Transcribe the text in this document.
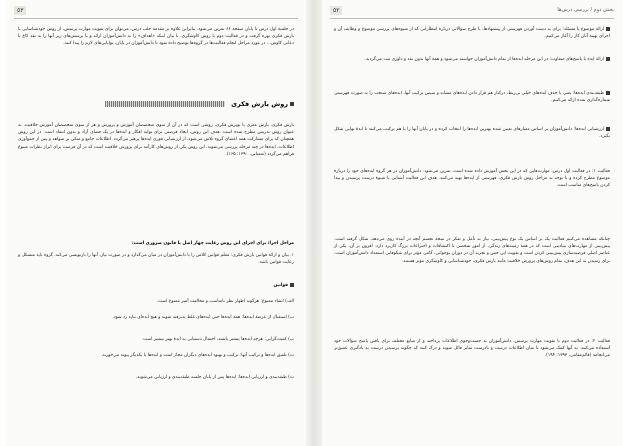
٥٣
در جلسهٔ اول درس تا پایان صفحهٔ ۶۶ تمرین می‌شود. بنابراین علاوه بر مقدمهٔ جلب درس، می‌توان برای تقویت مهارت پرسش، از روش خودشناسایی یا بارش فکری بهره گرفت و در فعالیت دوم با روش کاوشگری، با بیان اینکه «اهداف» را به دانش‌آموزان ارائه و با پرسش‌های زیر آنها را به نقد کاغ یا دعانی کاوش... در مورد مراحل انجام فعالیت‌ها در گروه‌ها توضیح داده شود تا دانش‌آموزان در پایان، توانایی‌های لازم را پیدا کنند.
روش بارش فکری
بارش فکری، بارش مغزی یا بوبرش فکری، روشی است که در آن از سوی متخصصان آموزش و پرورش و هر از سوی متخصصان آموزش خلاقیت، به عنوان روش تدریس مطرح شده است. هدف این روش، ایجاد فرصتی برای تولید افکار و ایده‌ها در یک فضای آزاد و بدون انتقاد است. در این روش همچنان که برای مشارکت همه اعضای گروه تلاش می‌شود، از ارزشیابی فوری ایده‌ها پرهیز می‌گردد. اطلاعات جامع و متکی بر شواهد و پس از جمع‌آوری اطلاعات، ایده‌ها در چند مرحله بررسی می‌شوند. این روش یکی از روش‌های کارآمد برای پرورش خلاقیت است که در آن فرصت برای ابراز نظرات متنوع فراهم می‌گردد (شعبانی، ۱۳۹۰: ۱۶۵).
مراحل اجرا: برای اجرای این روش رعایت چهار اصل با قانون ضروری است:
۱. بیان و ارائهٔ قوانین بارش فکری: معلم قوانین کلاس را با دانش‌آموزان در میان می‌گذارد و در صورت نیاز، آنها را بازنویسی می‌کند. گروه باید متشکل و رعایت قوانین باشد.
قوانین
الف) انتقاد ممنوع: هرگونه اظهار نظر نامناسب و مخالفت آمیز ممنوع است.
ب) استقبال از عرضهٔ ایده‌ها: همهٔ ایده‌ها حتی ایده‌های غلط پذیرفته شوند و هیچ ایده‌ای نباید رد شود.
پ) کمیت‌گرایی: هرچه ایده‌ها بیشتر باشند، احتمال دستیابی به ایدهٔ بهتر بیشتر است.
ت) تلفیق ایده‌ها و ترکیب آنها: ترکیب و بهبود ایده‌های دیگران مجاز است و ایده‌ها با یکدیگر پیوند می‌خورند.
ث) طبقه‌بندی و ارزیابی ایده‌ها: ایده‌ها پس از پایان جلسه طبقه‌بندی و ارزیابی می‌شوند.
بخش دوم / بررسی درس‌ها
٥٢
ارائهٔ موضوع یا مسئله: برای به دست آوردن فهرستی از پیشنهادها، با طرح سؤالاتی دربارهٔ انتظاراتی که از شیوه‌های بررسی موضوع و وظایف آن و اجرای بهینهٔ آنان کار را آغاز می‌کنیم.
ارائهٔ ایده یا پاسخ‌های متفاوت: در این مرحله ایده‌ها از تمام دانش‌آموزان خواسته می‌شود و همهٔ آنها بدون نقد و داوری ثبت می‌گردند.
طبقه‌بندی ایده‌ها: یعنی با حذف ایده‌های خیلی بی‌ربط، درکنار هم قرار دادن ایده‌های مشابه و سپس ترکیب آنها، ایده‌های منتخب را به صورت فهرستی شماره‌گذاری شده ارائه می‌کنیم.
ارزشیابی ایده‌ها: دانش‌آموزان بر اساس معیارهای تعیین شده بهترین ایده‌ها را انتخاب کرده و در پایان آنها را با هم ترکیب می‌کنند تا ایدهٔ نهایی شکل بگیرد.
فعالیت ۱: در فعالیت اول درس، مهارت‌هایی که در این بخش آموزش داده شده است، تمرین می‌شود. دانش‌آموزان در هر گروه ایده‌های خود را دربارهٔ موضوع مطرح کرده و با توجه به مراحل روش بارش فکری، فهرستی از ایده‌ها تهیه می‌کنند. هدف این فعالیت آشنایی با شیوهٔ درست پرسیدن و پیدا کردن پاسخ‌های مناسب است.
چنانکه مشاهده می‌کنیم فعالیت یک بر اساس یک نوع پیش‌بینی، نیاز به تأمل و تفکر در نتیجهٔ تجسم آنچه در آینده روی می‌دهد، شکل گرفته است. پیش‌بینی از مهارت‌های بنیادینی است که در همهٔ زمینه‌های زندگی، از امور شخصی تا اکتشافات و اختراعات بزرگ کاربرد دارد. افزون بر آن، یکی از عناصر اصلی فرضیه‌سازی پیش‌بینی کردن است و تقویت این حس و تجربه آن در دوران نوجوانی، گامی مؤثر برای شکوفایی استعداد دانش‌آموزان است. برای رسیدن به این هدف، تمام روش‌های پرورش خلاقیت مانند بارش فکری، خودشناسایی و کاوشگری مؤثر هستند.
فعالیت ۲: در فعالیت دوم با تقویت مهارت پرسش، دانش‌آموزان به جست‌وجوی اطلاعات پرداخته و از منابع مختلف برای یافتن پاسخ سؤالات خود استفاده می‌کنند. به آنها کمک می‌شود تا میان اطلاعات درست و نادرست تمایز قائل شوند و درک کنند که چگونه پرسیدن درست به یادگیری عمیق‌تر می‌انجامد (قائم‌مقامی، ۱۳۹۳: ۱۹۴).
